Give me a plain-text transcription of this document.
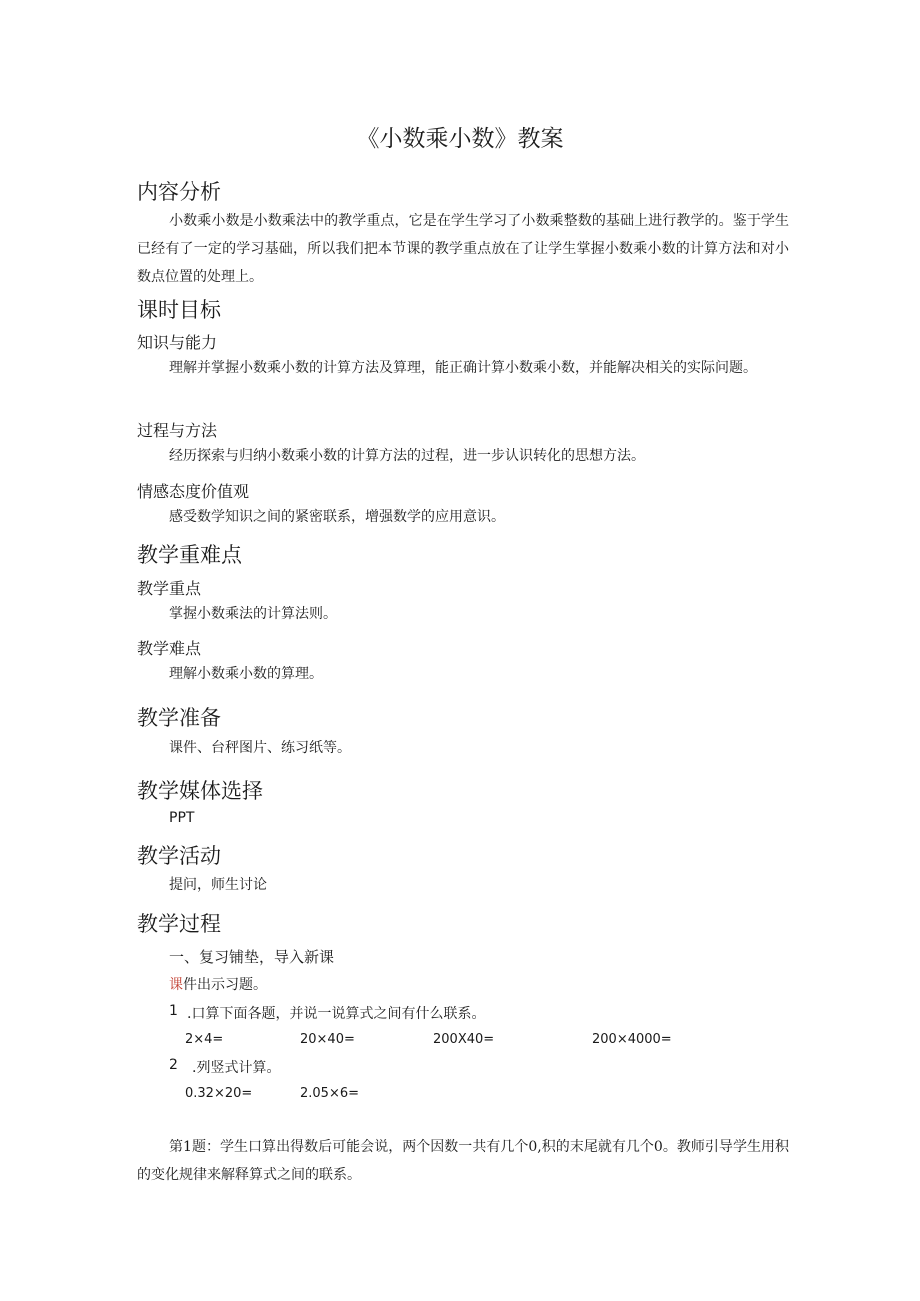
《小数乘小数》教案
内容分析
小数乘小数是小数乘法中的教学重点，它是在学生学习了小数乘整数的基础上进行教学的。鉴于学生已经有了一定的学习基础，所以我们把本节课的教学重点放在了让学生掌握小数乘小数的计算方法和对小数点位置的处理上。
课时目标
知识与能力
理解并掌握小数乘小数的计算方法及算理，能正确计算小数乘小数，并能解决相关的实际问题。
过程与方法
经历探索与归纳小数乘小数的计算方法的过程，进一步认识转化的思想方法。
情感态度价值观
感受数学知识之间的紧密联系，增强数学的应用意识。
教学重难点
教学重点
掌握小数乘法的计算法则。
教学难点
理解小数乘小数的算理。
教学准备
课件、台秤图片、练习纸等。
教学媒体选择
PPT
教学活动
提问，师生讨论
教学过程
一、复习铺垫，导入新课
课件出示习题。
1 .口算下面各题，并说一说算式之间有什么联系。
2×4=	20×40=	200X40=	200×4000=
2 .列竖式计算。
0.32×20=	2.05×6=
第1题：学生口算出得数后可能会说，两个因数一共有几个0,积的末尾就有几个0。教师引导学生用积的变化规律来解释算式之间的联系。
